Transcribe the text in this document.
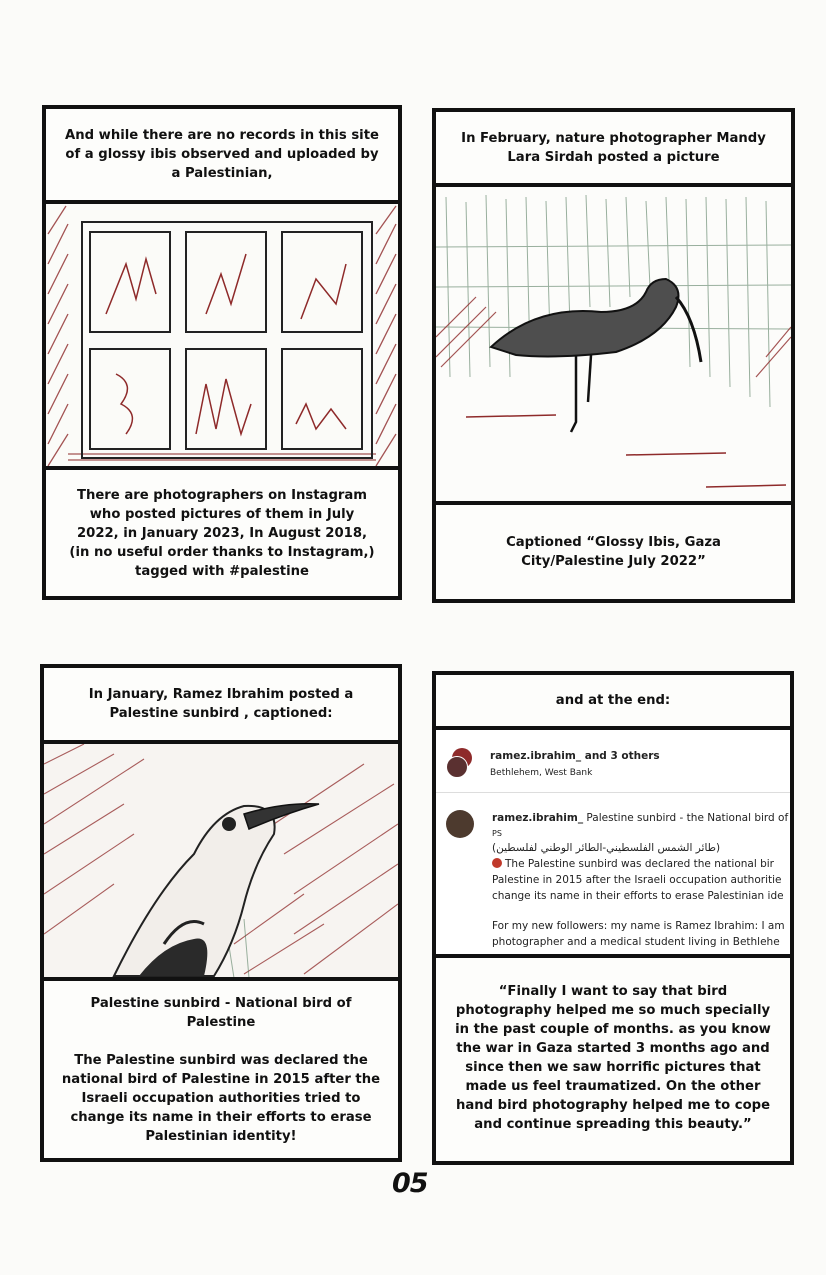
And while there are no records in this site of a glossy ibis observed and uploaded by a Palestinian,
There are photographers on Instagram who posted pictures of them in July 2022, in January 2023, In August 2018, (in no useful order thanks to Instagram,) tagged with #palestine
In February, nature photographer Mandy Lara Sirdah posted a picture
Captioned “Glossy Ibis, Gaza City/Palestine July 2022”
In January, Ramez Ibrahim posted a Palestine sunbird , captioned:
Palestine sunbird - National bird of Palestine
The Palestine sunbird was declared the national bird of Palestine in 2015 after the Israeli occupation authorities tried to change its name in their efforts to erase Palestinian identity!
and at the end:
ramez.ibrahim_ and 3 others
Bethlehem, West Bank
ramez.ibrahim_ Palestine sunbird - the National bird of
PS
(طائر الشمس الفلسطيني-الطائر الوطني لفلسطين)
The Palestine sunbird was declared the national bir
Palestine in 2015 after the Israeli occupation authoritie
change its name in their efforts to erase Palestinian ide
For my new followers: my name is Ramez Ibrahim: I am
photographer and a medical student living in Bethlehe
“Finally I want to say that bird photography helped me so much specially in the past couple of months. as you know the war in Gaza started 3 months ago and since then we saw horrific pictures that made us feel traumatized. On the other hand bird photography helped me to cope and continue spreading this beauty.”
05
